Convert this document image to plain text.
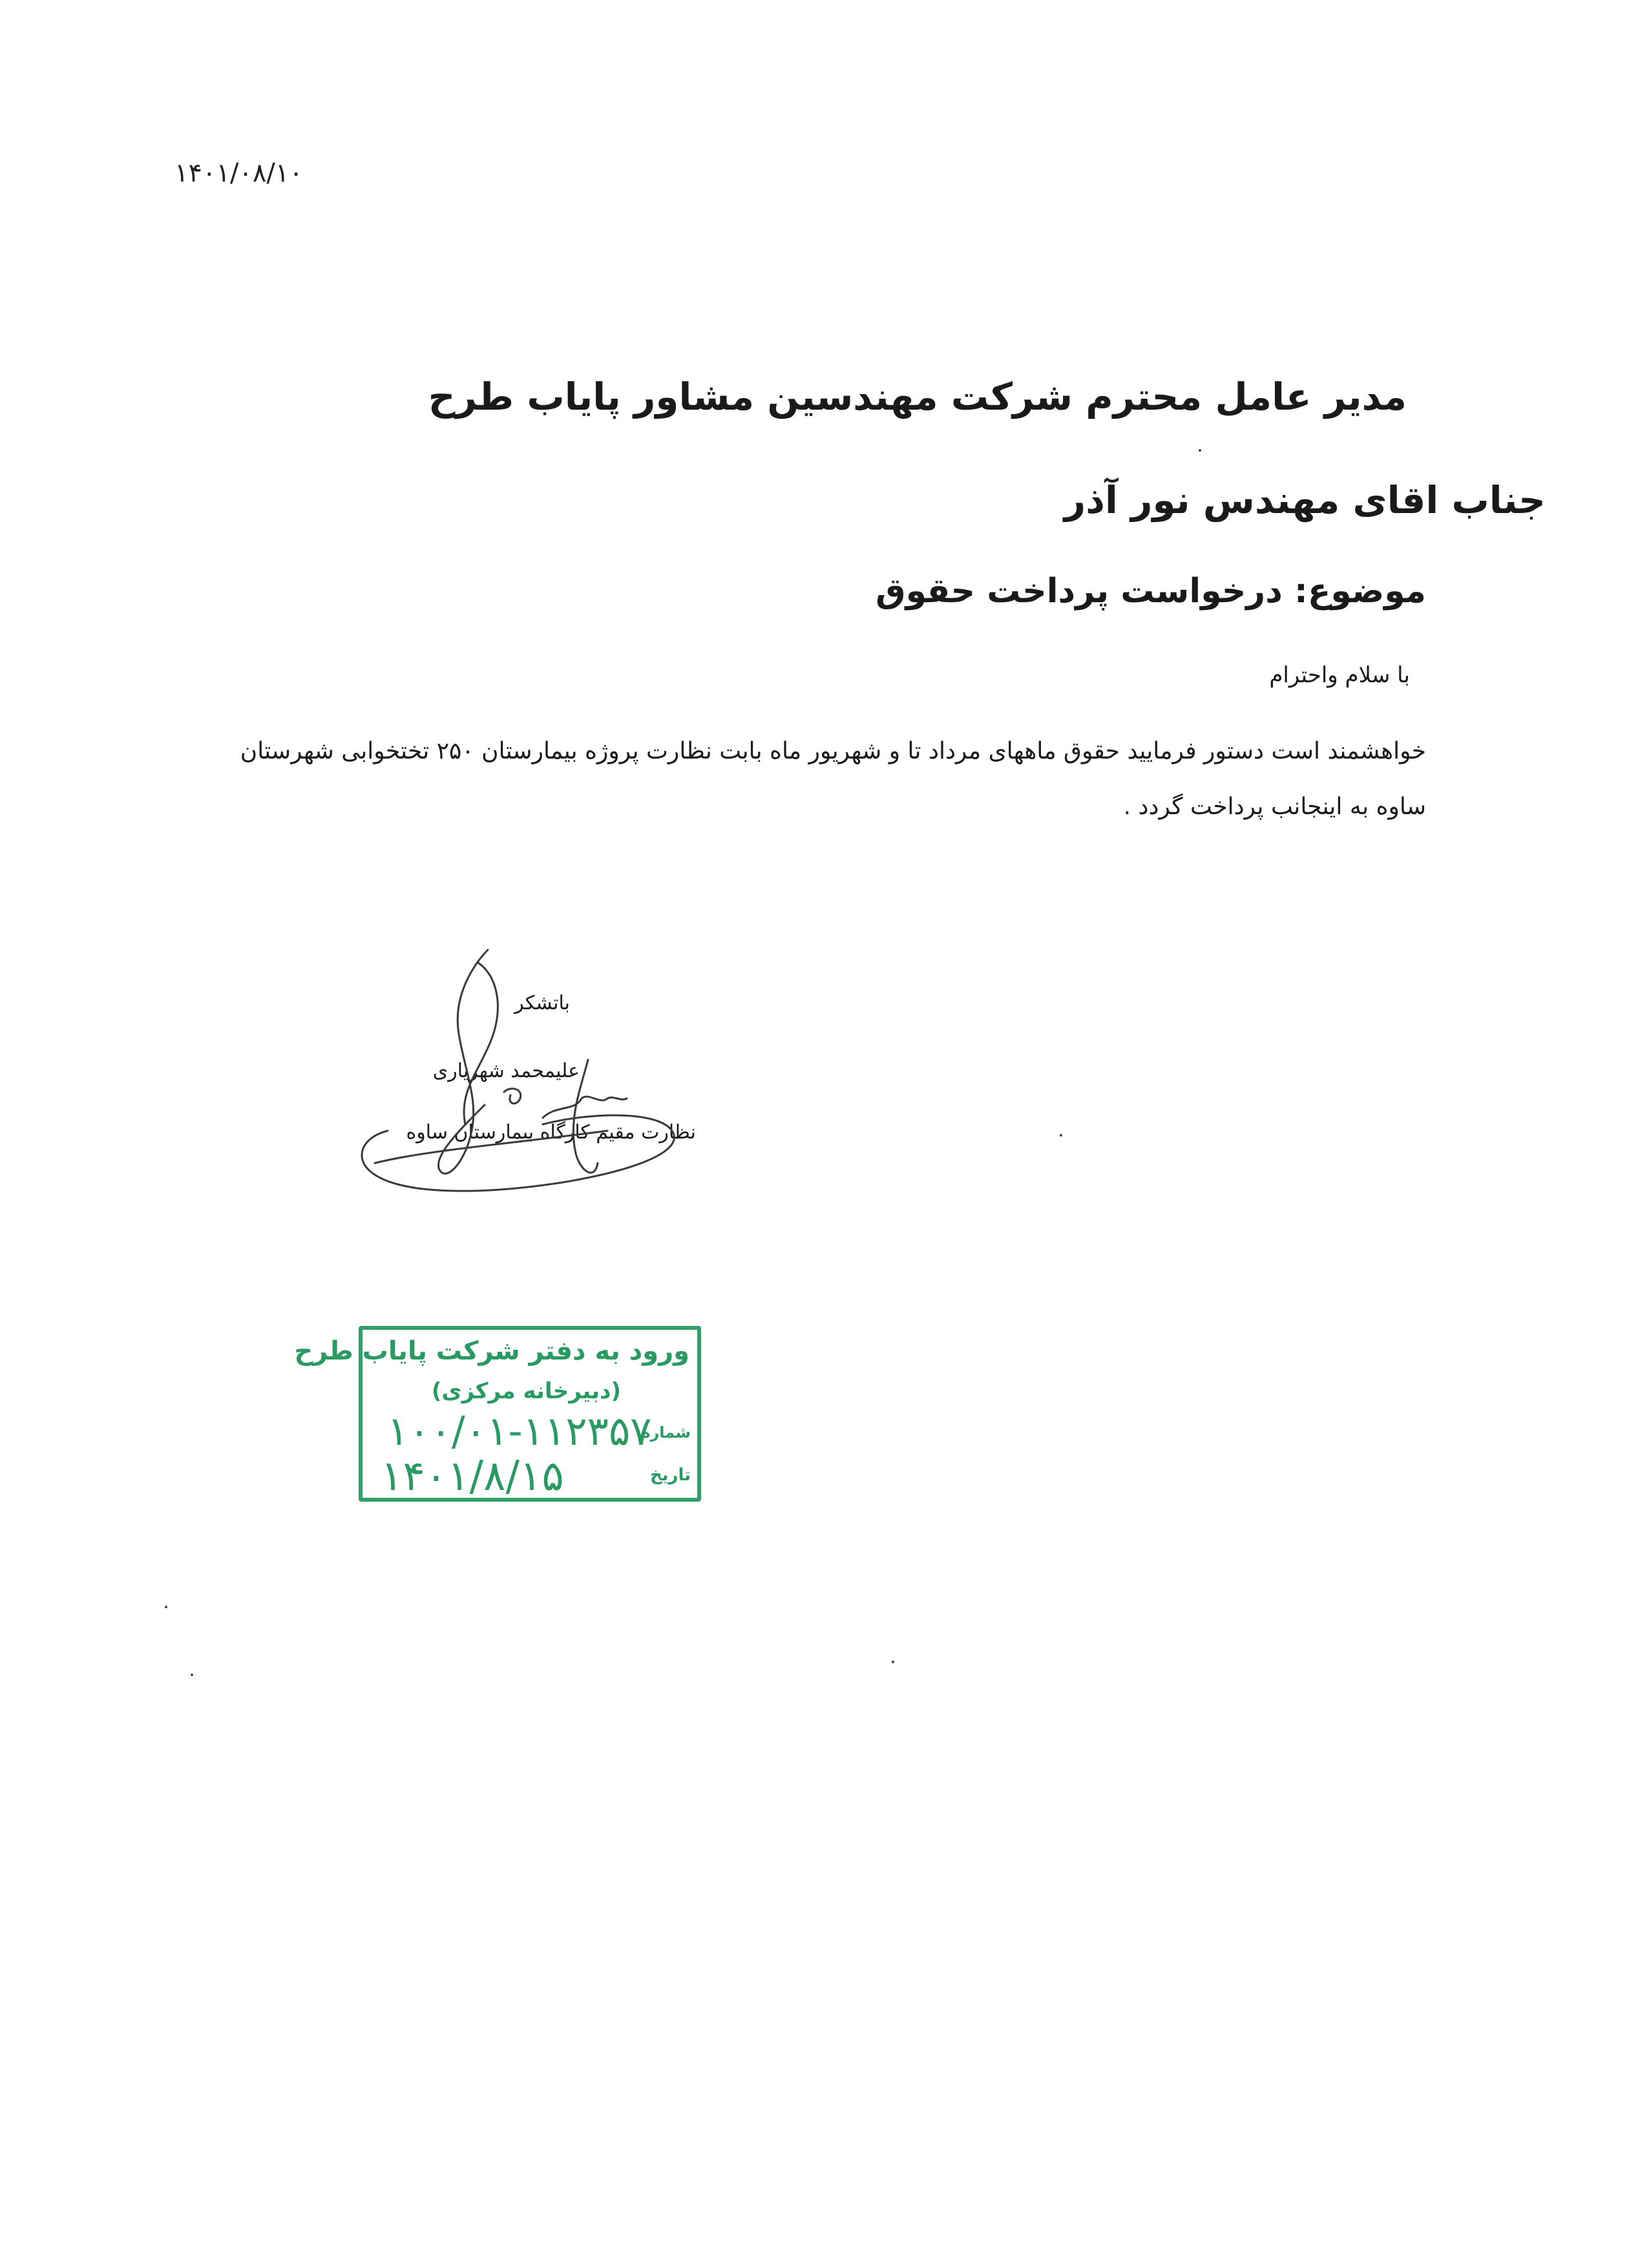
۱۴۰۱/۰۸/۱۰

مدیر عامل محترم شرکت مهندسین مشاور پایاب طرح

جناب اقای مهندس نور آذر

موضوع: درخواست پرداخت حقوق

با سلام واحترام

خواهشمند است دستور فرمایید حقوق ماههای مرداد تا و شهریور ماه بابت نظارت پروژه بیمارستان ۲۵۰ تختخوابی شهرستان
ساوه به اینجانب پرداخت گردد .

باتشکر

علیمحمد شهریاری

نظارت مقیم کارگاه بیمارستان ساوه

ورود به دفتر شرکت پایاب طرح
(دبیرخانه مرکزی)
شماره
۱۰۰/۰۱-۱۱۲۳۵۷
تاریخ
۱۴۰۱/۸/۱۵
